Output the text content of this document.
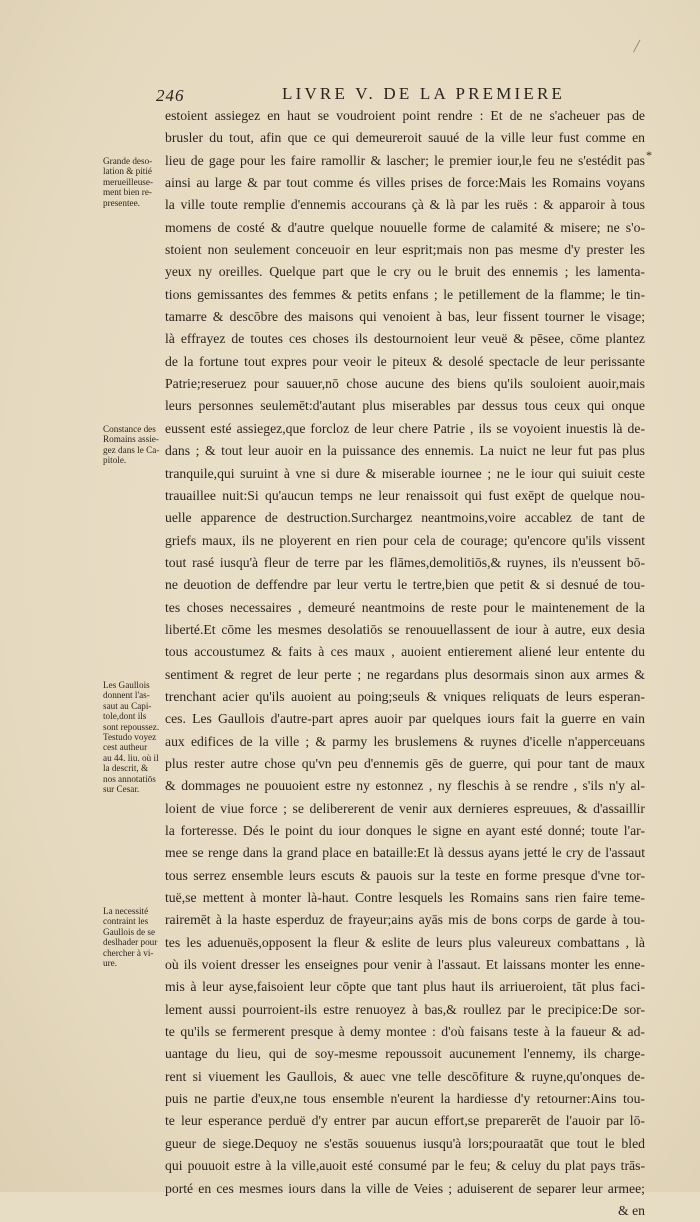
246	LIVRE V. DE LA PREMIERE
*
estoient assiegez en haut se voudroient point rendre : Et de ne s'acheuer pas de
brusler du tout, afin que ce qui demeureroit sauué de la ville leur fust comme en
lieu de gage pour les faire ramollir & lascher; le premier iour,le feu ne s'estédit pas
ainsi au large & par tout comme és villes prises de force:Mais les Romains voyans
la ville toute remplie d'ennemis accourans çà & là par les ruës : & apparoir à tous
momens de costé & d'autre quelque nouuelle forme de calamité & misere; ne s'o-
stoient non seulement conceuoir en leur esprit;mais non pas mesme d'y prester les
yeux ny oreilles. Quelque part que le cry ou le bruit des ennemis ; les lamenta-
tions gemissantes des femmes & petits enfans ; le petillement de la flamme; le tin-
tamarre & descōbre des maisons qui venoient à bas, leur fissent tourner le visage;
là effrayez de toutes ces choses ils destournoient leur veuë & pēsee, cōme plantez
de la fortune tout expres pour veoir le piteux & desolé spectacle de leur perissante
Patrie;reseruez pour sauuer,nō chose aucune des biens qu'ils souloient auoir,mais
leurs personnes seulemēt:d'autant plus miserables par dessus tous ceux qui onque
eussent esté assiegez,que forcloz de leur chere Patrie , ils se voyoient inuestis là de-
dans ; & tout leur auoir en la puissance des ennemis. La nuict ne leur fut pas plus
tranquile,qui suruint à vne si dure & miserable iournee ; ne le iour qui suiuit ceste
trauaillee nuit:Si qu'aucun temps ne leur renaissoit qui fust exēpt de quelque nou-
uelle apparence de destruction.Surchargez neantmoins,voire accablez de tant de
griefs maux, ils ne ployerent en rien pour cela de courage; qu'encore qu'ils vissent
tout rasé iusqu'à fleur de terre par les flāmes,demolitiōs,& ruynes, ils n'eussent bō-
ne deuotion de deffendre par leur vertu le tertre,bien que petit & si desnué de tou-
tes choses necessaires , demeuré neantmoins de reste pour le maintenement de la
liberté.Et cōme les mesmes desolatiōs se renouuellassent de iour à autre, eux desia
tous accoustumez & faits à ces maux , auoient entierement aliené leur entente du
sentiment & regret de leur perte ; ne regardans plus desormais sinon aux armes &
trenchant acier qu'ils auoient au poing;seuls & vniques reliquats de leurs esperan-
ces. Les Gaullois d'autre-part apres auoir par quelques iours fait la guerre en vain
aux edifices de la ville ; & parmy les bruslemens & ruynes d'icelle n'apperceuans
plus rester autre chose qu'vn peu d'ennemis gēs de guerre, qui pour tant de maux
& dommages ne pouuoient estre ny estonnez , ny fleschis à se rendre , s'ils n'y al-
loient de viue force ; se delibererent de venir aux dernieres espreuues, & d'assaillir
la forteresse. Dés le point du iour donques le signe en ayant esté donné; toute l'ar-
mee se renge dans la grand place en bataille:Et là dessus ayans jetté le cry de l'assaut
tous serrez ensemble leurs escuts & pauois sur la teste en forme presque d'vne tor-
tuë,se mettent à monter là-haut. Contre lesquels les Romains sans rien faire teme-
rairemēt à la haste esperduz de frayeur;ains ayās mis de bons corps de garde à tou-
tes les aduenuës,opposent la fleur & eslite de leurs plus valeureux combattans , là
où ils voient dresser les enseignes pour venir à l'assaut. Et laissans monter les enne-
mis à leur ayse,faisoient leur cōpte que tant plus haut ils arriueroient, tāt plus faci-
lement aussi pourroient-ils estre renuoyez à bas,& roullez par le precipice:De sor-
te qu'ils se fermerent presque à demy montee : d'où faisans teste à la faueur & ad-
uantage du lieu, qui de soy-mesme repoussoit aucunement l'ennemy, ils charge-
rent si viuement les Gaullois, & auec vne telle descōfiture & ruyne,qu'onques de-
puis ne partie d'eux,ne tous ensemble n'eurent la hardiesse d'y retourner:Ains tou-
te leur esperance perduë d'y entrer par aucun effort,se preparerēt de l'auoir par lō-
gueur de siege.Dequoy ne s'estās souuenus iusqu'à lors;pouraatāt que tout le bled
qui pouuoit estre à la ville,auoit esté consumé par le feu; & celuy du plat pays trās-
porté en ces mesmes iours dans la ville de Veies ; aduiserent de separer leur armee;
& en
Grande deso-
lation & pitié
merueilleuse-
ment bien re-
presentee.
Constance des
Romains assie-
gez dans le Ca-
pitole.
Les Gaullois
donnent l'as-
saut au Capi-
tole,dont ils
sont repoussez.
Testudo voyez
cest autheur
au 44. liu. où il
la descrit, &
nos annotatiōs
sur Cesar.
La necessité
contraint les
Gaullois de se
deslhader pour
chercher à vi-
ure.
